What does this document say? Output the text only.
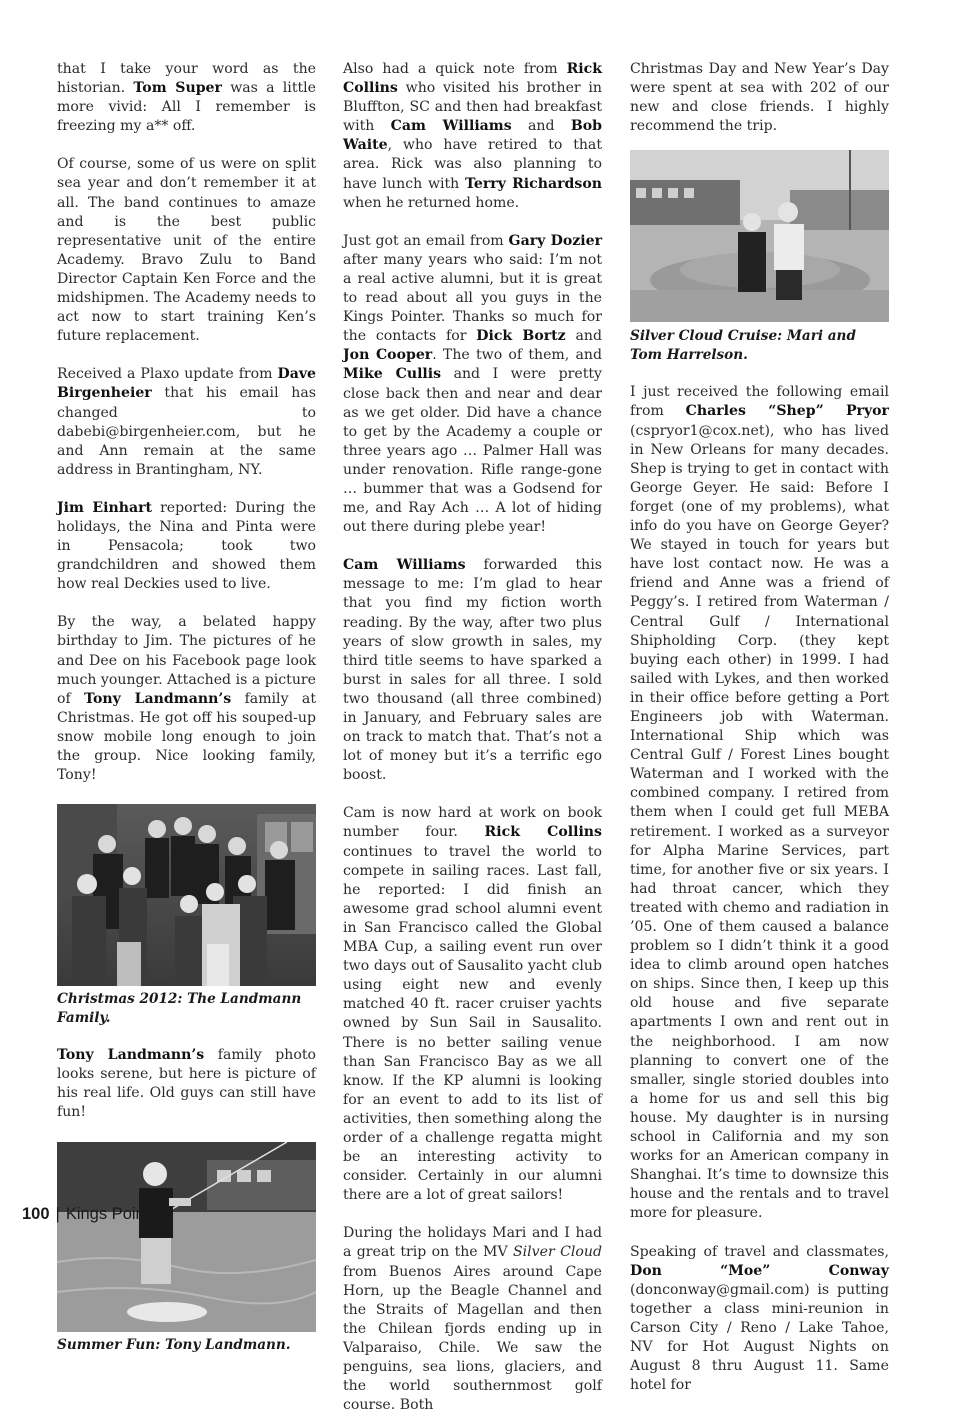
that I take your word as the historian. Tom Super was a little more vivid: All I remember is freezing my a** off.

Of course, some of us were on split sea year and don’t remember it at all. The band continues to amaze and is the best public representative unit of the entire Academy. Bravo Zulu to Band Director Captain Ken Force and the midshipmen. The Academy needs to act now to start training Ken’s future replacement.

Received a Plaxo update from Dave Birgenheier that his email has changed to dabebi@birgenheier.com, but he and Ann remain at the same address in Brantingham, NY.

Jim Einhart reported: During the holidays, the Nina and Pinta were in Pensacola; took two grandchildren and showed them how real Deckies used to live.

By the way, a belated happy birthday to Jim. The pictures of he and Dee on his Facebook page look much younger. Attached is a picture of Tony Landmann’s family at Christmas. He got off his souped-up snow mobile long enough to join the group. Nice looking family, Tony!

Christmas 2012: The Landmann Family.

Tony Landmann’s family photo looks serene, but here is picture of his real life. Old guys can still have fun!

Summer Fun: Tony Landmann.

Also had a quick note from Rick Collins who visited his brother in Bluffton, SC and then had breakfast with Cam Williams and Bob Waite, who have retired to that area. Rick was also planning to have lunch with Terry Richardson when he returned home.

Just got an email from Gary Dozier after many years who said: I’m not a real active alumni, but it is great to read about all you guys in the Kings Pointer. Thanks so much for the contacts for Dick Bortz and Jon Cooper. The two of them, and Mike Cullis and I were pretty close back then and near and dear as we get older. Did have a chance to get by the Academy a couple or three years ago … Palmer Hall was under renovation. Rifle range-gone … bummer that was a Godsend for me, and Ray Ach … A lot of hiding out there during plebe year!

Cam Williams forwarded this message to me: I’m glad to hear that you find my fiction worth reading. By the way, after two plus years of slow growth in sales, my third title seems to have sparked a burst in sales for all three. I sold two thousand (all three combined) in January, and February sales are on track to match that. That’s not a lot of money but it’s a terrific ego boost.

Cam is now hard at work on book number four. Rick Collins continues to travel the world to compete in sailing races. Last fall, he reported: I did finish an awesome grad school alumni event in San Francisco called the Global MBA Cup, a sailing event run over two days out of Sausalito yacht club using eight new and evenly matched 40 ft. racer cruiser yachts owned by Sun Sail in Sausalito. There is no better sailing venue than San Francisco Bay as we all know. If the KP alumni is looking for an event to add to its list of activities, then something along the order of a challenge regatta might be an interesting activity to consider. Certainly in our alumni there are a lot of great sailors!

During the holidays Mari and I had a great trip on the MV Silver Cloud from Buenos Aires around Cape Horn, up the Beagle Channel and the Straits of Magellan and then the Chilean fjords ending up in Valparaiso, Chile. We saw the penguins, sea lions, glaciers, and the world southernmost golf course. Both

Christmas Day and New Year’s Day were spent at sea with 202 of our new and close friends. I highly recommend the trip.

Silver Cloud Cruise: Mari and Tom Harrelson.

I just received the following email from Charles “Shep” Pryor (cspryor1@cox.net), who has lived in New Orleans for many decades. Shep is trying to get in contact with George Geyer. He said: Before I forget (one of my problems), what info do you have on George Geyer? We stayed in touch for years but have lost contact now. He was a friend and Anne was a friend of Peggy’s. I retired from Waterman / Central Gulf / International Shipholding Corp. (they kept buying each other) in 1999. I had sailed with Lykes, and then worked in their office before getting a Port Engineers job with Waterman. International Ship which was Central Gulf / Forest Lines bought Waterman and I worked with the combined company. I retired from them when I could get full MEBA retirement. I worked as a surveyor for Alpha Marine Services, part time, for another five or six years. I had throat cancer, which they treated with chemo and radiation in ’05. One of them caused a balance problem so I didn’t think it a good idea to climb around open hatches on ships. Since then, I keep up this old house and five separate apartments I own and rent out in the neighborhood. I am now planning to convert one of the smaller, single storied doubles into a home for us and sell this big house. My daughter is in nursing school in California and my son works for an American company in Shanghai. It’s time to downsize this house and the rentals and to travel more for pleasure.

Speaking of travel and classmates, Don “Moe” Conway (donconway@gmail.com) is putting together a class mini-reunion in Carson City / Reno / Lake Tahoe, NV for Hot August Nights on August 8 thru August 11. Same hotel for

100 | Kings Pointer
